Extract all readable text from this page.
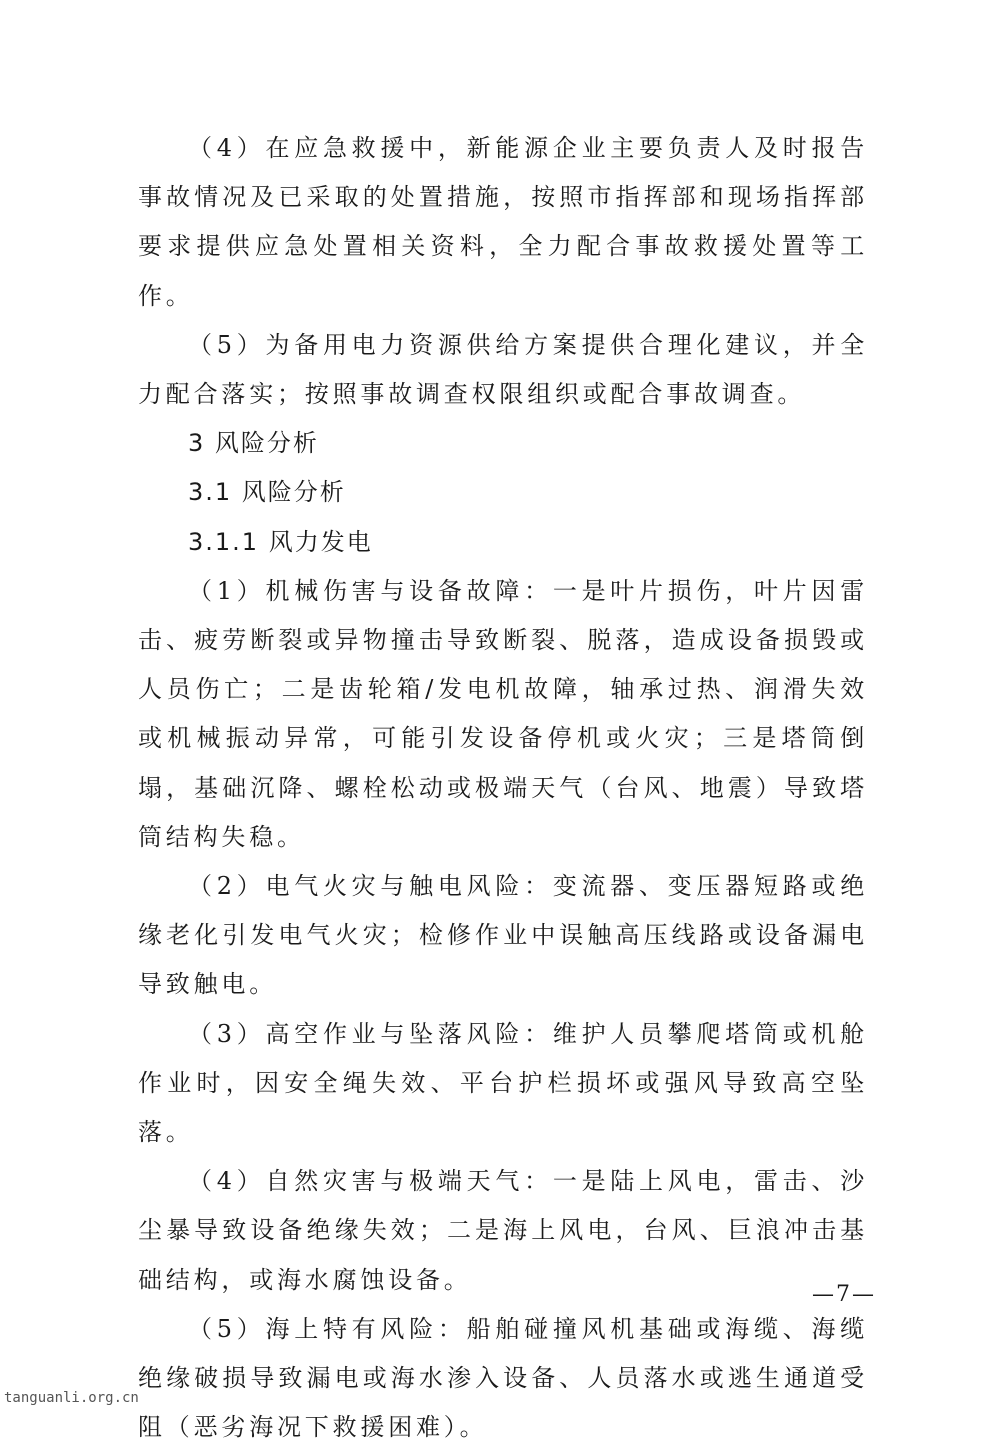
（4）在应急救援中，新能源企业主要负责人及时报告事故情况及已采取的处置措施，按照市指挥部和现场指挥部要求提供应急处置相关资料，全力配合事故救援处置等工作。

（5）为备用电力资源供给方案提供合理化建议，并全力配合落实；按照事故调查权限组织或配合事故调查。

3 风险分析

3.1 风险分析

3.1.1 风力发电

（1）机械伤害与设备故障：一是叶片损伤，叶片因雷击、疲劳断裂或异物撞击导致断裂、脱落，造成设备损毁或人员伤亡；二是齿轮箱/发电机故障，轴承过热、润滑失效或机械振动异常，可能引发设备停机或火灾；三是塔筒倒塌，基础沉降、螺栓松动或极端天气（台风、地震）导致塔筒结构失稳。

（2）电气火灾与触电风险：变流器、变压器短路或绝缘老化引发电气火灾；检修作业中误触高压线路或设备漏电导致触电。

（3）高空作业与坠落风险：维护人员攀爬塔筒或机舱作业时，因安全绳失效、平台护栏损坏或强风导致高空坠落。

（4）自然灾害与极端天气：一是陆上风电，雷击、沙尘暴导致设备绝缘失效；二是海上风电，台风、巨浪冲击基础结构，或海水腐蚀设备。

（5）海上特有风险：船舶碰撞风机基础或海缆、海缆绝缘破损导致漏电或海水渗入设备、人员落水或逃生通道受阻（恶劣海况下救援困难）。

—7—
tanguanli.org.cn
